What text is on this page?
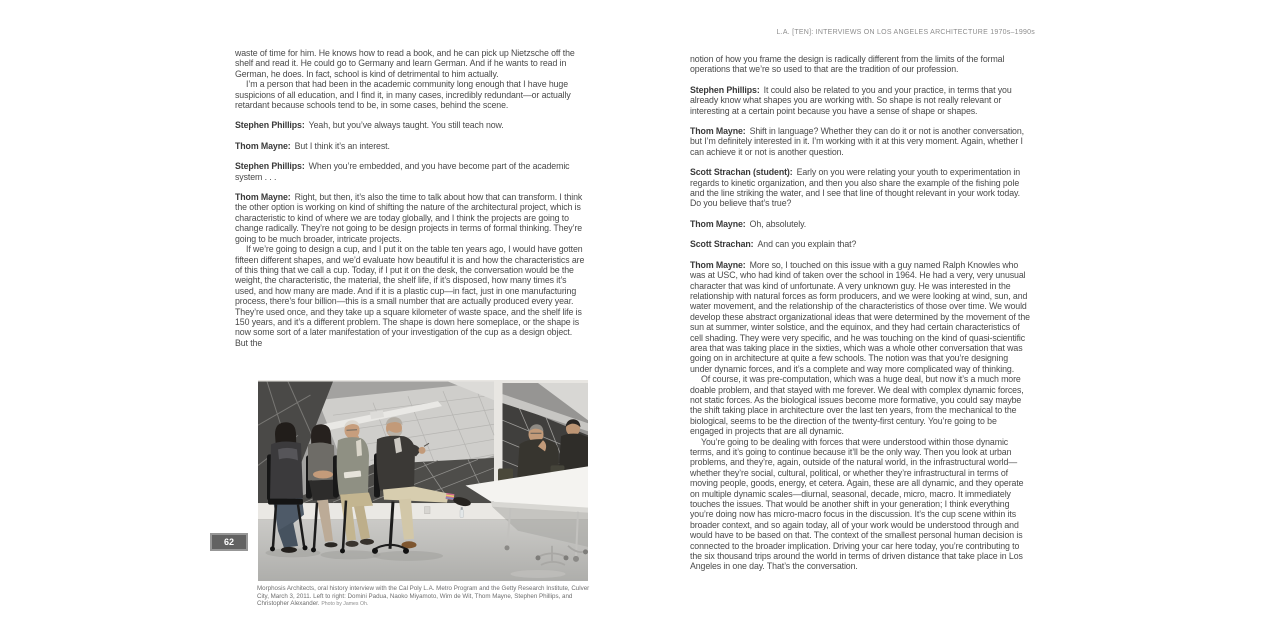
L.A. [TEN]: INTERVIEWS ON LOS ANGELES ARCHITECTURE 1970s–1990s

waste of time for him. He knows how to read a book, and he can pick up Nietzsche off the shelf and read it. He could go to Germany and learn German. And if he wants to read in German, he does. In fact, school is kind of detrimental to him actually.

I’m a person that had been in the academic community long enough that I have huge suspicions of all education, and I find it, in many cases, incredibly redundant—or actually retardant because schools tend to be, in some cases, behind the scene.

Stephen Phillips: Yeah, but you’ve always taught. You still teach now.

Thom Mayne: But I think it’s an interest.

Stephen Phillips: When you’re embedded, and you have become part of the academic system . . .

Thom Mayne: Right, but then, it’s also the time to talk about how that can transform. I think the other option is working on kind of shifting the nature of the architectural project, which is characteristic to kind of where we are today globally, and I think the projects are going to change radically. They’re not going to be design projects in terms of formal thinking. They’re going to be much broader, intricate projects.

If we’re going to design a cup, and I put it on the table ten years ago, I would have gotten fifteen different shapes, and we’d evaluate how beautiful it is and how the characteristics are of this thing that we call a cup. Today, if I put it on the desk, the conversation would be the weight, the characteristic, the material, the shelf life, if it’s disposed, how many times it’s used, and how many are made. And if it is a plastic cup—in fact, just in one manufacturing process, there’s four billion—this is a small number that are actually produced every year. They’re used once, and they take up a square kilometer of waste space, and the shelf life is 150 years, and it’s a different problem. The shape is down here someplace, or the shape is now some sort of a later manifestation of your investigation of the cup as a design object. But the

Morphosis Architects, oral history interview with the Cal Poly L.A. Metro Program and the Getty Research Institute, Culver City, March 3, 2011. Left to right: Domini Padua, Naoko Miyamoto, Wim de Wit, Thom Mayne, Stephen Phillips, and Christopher Alexander. Photo by James Oh.
62

notion of how you frame the design is radically different from the limits of the formal operations that we’re so used to that are the tradition of our profession.

Stephen Phillips: It could also be related to you and your practice, in terms that you already know what shapes you are working with. So shape is not really relevant or interesting at a certain point because you have a sense of shape or shapes.

Thom Mayne: Shift in language? Whether they can do it or not is another conversation, but I’m definitely interested in it. I’m working with it at this very moment. Again, whether I can achieve it or not is another question.

Scott Strachan (student): Early on you were relating your youth to experimentation in regards to kinetic organization, and then you also share the example of the fishing pole and the line striking the water, and I see that line of thought relevant in your work today. Do you believe that’s true?

Thom Mayne: Oh, absolutely.

Scott Strachan: And can you explain that?

Thom Mayne: More so, I touched on this issue with a guy named Ralph Knowles who was at USC, who had kind of taken over the school in 1964. He had a very, very unusual character that was kind of unfortunate. A very unknown guy. He was interested in the relationship with natural forces as form producers, and we were looking at wind, sun, and water movement, and the relationship of the characteristics of those over time. We would develop these abstract organizational ideas that were determined by the movement of the sun at summer, winter solstice, and the equinox, and they had certain characteristics of cell shading. They were very specific, and he was touching on the kind of quasi-scientific area that was taking place in the sixties, which was a whole other conversation that was going on in architecture at quite a few schools. The notion was that you’re designing under dynamic forces, and it’s a complete and way more complicated way of thinking.

Of course, it was pre-computation, which was a huge deal, but now it’s a much more doable problem, and that stayed with me forever. We deal with complex dynamic forces, not static forces. As the biological issues become more formative, you could say maybe the shift taking place in architecture over the last ten years, from the mechanical to the biological, seems to be the direction of the twenty-first century. You’re going to be engaged in projects that are all dynamic.

You’re going to be dealing with forces that were understood within those dynamic terms, and it’s going to continue because it’ll be the only way. Then you look at urban problems, and they’re, again, outside of the natural world, in the infrastructural world—whether they’re social, cultural, political, or whether they’re infrastructural in terms of moving people, goods, energy, et cetera. Again, these are all dynamic, and they operate on multiple dynamic scales—diurnal, seasonal, decade, micro, macro. It immediately touches the issues. That would be another shift in your generation; I think everything you’re doing now has micro-macro focus in the discussion. It’s the cup scene within its broader context, and so again today, all of your work would be understood through and would have to be based on that. The context of the smallest personal human decision is connected to the broader implication. Driving your car here today, you’re contributing to the six thousand trips around the world in terms of driven distance that take place in Los Angeles in one day. That’s the conversation.
